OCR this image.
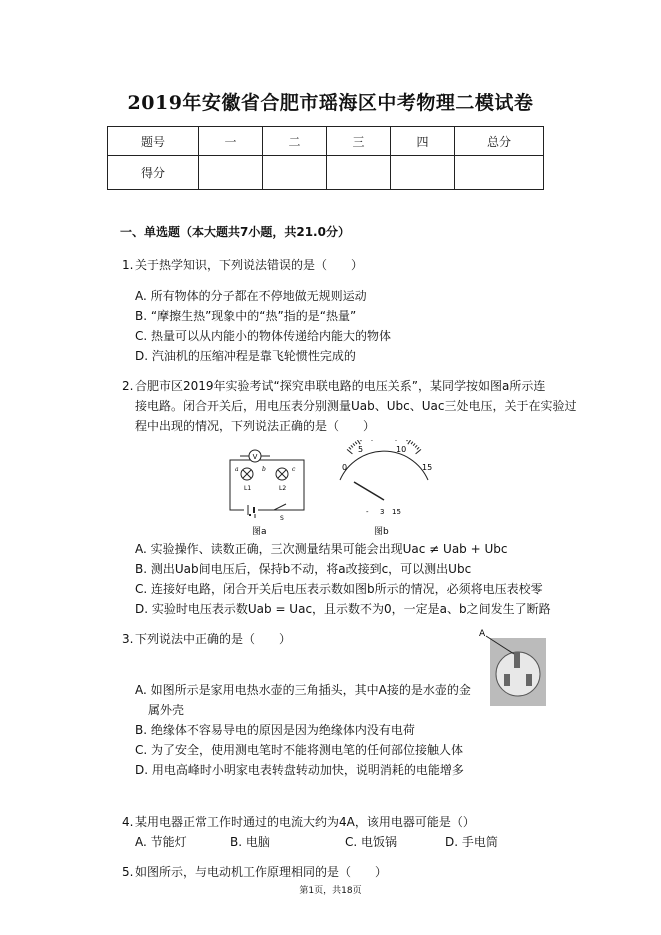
2019年安徽省合肥市瑶海区中考物理二模试卷
题号	一	二	三	四	总分
得分					
一、单选题（本大题共7小题，共21.0分）
1. 关于热学知识，下列说法错误的是（　　）
A. 所有物体的分子都在不停地做无规则运动
B. “摩擦生热”现象中的“热”指的是“热量”
C. 热量可以从内能小的物体传递给内能大的物体
D. 汽油机的压缩冲程是靠飞轮惯性完成的
2. 合肥市区2019年实验考试“探究串联电路的电压关系”，某同学按如图a所示连
接电路。闭合开关后，用电压表分别测量Uab、Ubc、Uac三处电压，关于在实验过
程中出现的情况，下列说法正确的是（　　）
V
a	b	c
L1	L2
S
图a
0
5	10
15
- 3 15
图b
A. 实验操作、读数正确，三次测量结果可能会出现Uac ≠ Uab + Ubc
B. 测出Uab间电压后，保持b不动，将a改接到c，可以测出Ubc
C. 连接好电路，闭合开关后电压表示数如图b所示的情况，必须将电压表校零
D. 实验时电压表示数Uab = Uac，且示数不为0，一定是a、b之间发生了断路
3. 下列说法中正确的是（　　）	A
A. 如图所示是家用电热水壶的三角插头，其中A接的是水壶的金
属外壳
B. 绝缘体不容易导电的原因是因为绝缘体内没有电荷
C. 为了安全，使用测电笔时不能将测电笔的任何部位接触人体
D. 用电高峰时小明家电表转盘转动加快，说明消耗的电能增多
4. 某用电器正常工作时通过的电流大约为4A，该用电器可能是（）
A. 节能灯	B. 电脑	C. 电饭锅	D. 手电筒
5. 如图所示，与电动机工作原理相同的是（　　）
第1页，共18页
